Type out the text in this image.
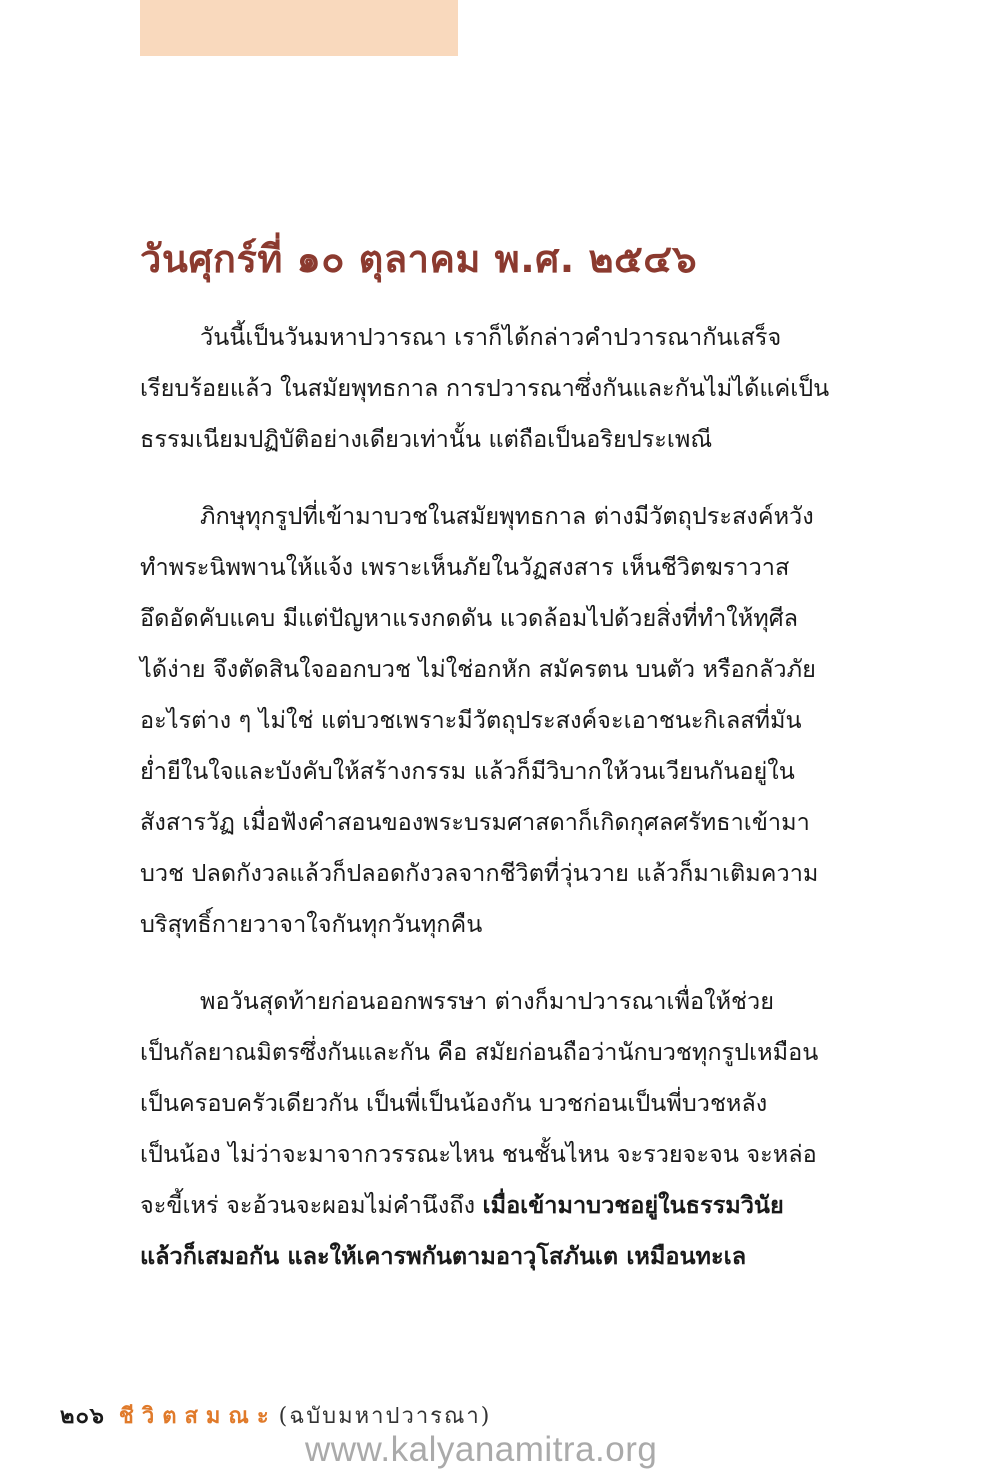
วันศุกร์ที่ ๑๐ ตุลาคม พ.ศ. ๒๕๔๖
วันนี้เป็นวันมหาปวารณา เราก็ได้กล่าวคำปวารณากันเสร็จ
เรียบร้อยแล้ว ในสมัยพุทธกาล การปวารณาซึ่งกันและกันไม่ได้แค่เป็น
ธรรมเนียมปฏิบัติอย่างเดียวเท่านั้น แต่ถือเป็นอริยประเพณี
ภิกษุทุกรูปที่เข้ามาบวชในสมัยพุทธกาล ต่างมีวัตถุประสงค์หวัง
ทำพระนิพพานให้แจ้ง เพราะเห็นภัยในวัฏสงสาร เห็นชีวิตฆราวาส
อึดอัดคับแคบ มีแต่ปัญหาแรงกดดัน แวดล้อมไปด้วยสิ่งที่ทำให้ทุศีล
ได้ง่าย จึงตัดสินใจออกบวช ไม่ใช่อกหัก สมัครตน บนตัว หรือกลัวภัย
อะไรต่าง ๆ ไม่ใช่ แต่บวชเพราะมีวัตถุประสงค์จะเอาชนะกิเลสที่มัน
ย่ำยีในใจและบังคับให้สร้างกรรม แล้วก็มีวิบากให้วนเวียนกันอยู่ใน
สังสารวัฏ เมื่อฟังคำสอนของพระบรมศาสดาก็เกิดกุศลศรัทธาเข้ามา
บวช ปลดกังวลแล้วก็ปลอดกังวลจากชีวิตที่วุ่นวาย แล้วก็มาเติมความ
บริสุทธิ์กายวาจาใจกันทุกวันทุกคืน
พอวันสุดท้ายก่อนออกพรรษา ต่างก็มาปวารณาเพื่อให้ช่วย
เป็นกัลยาณมิตรซึ่งกันและกัน คือ สมัยก่อนถือว่านักบวชทุกรูปเหมือน
เป็นครอบครัวเดียวกัน เป็นพี่เป็นน้องกัน บวชก่อนเป็นพี่บวชหลัง
เป็นน้อง ไม่ว่าจะมาจากวรรณะไหน ชนชั้นไหน จะรวยจะจน จะหล่อ
จะขี้เหร่ จะอ้วนจะผอมไม่คำนึงถึง เมื่อเข้ามาบวชอยู่ในธรรมวินัย
แล้วก็เสมอกัน และให้เคารพกันตามอาวุโสภันเต เหมือนทะเล
๒๐๖ ชีวิตสมณะ(ฉบับมหาปวารณา)
www.kalyanamitra.org
